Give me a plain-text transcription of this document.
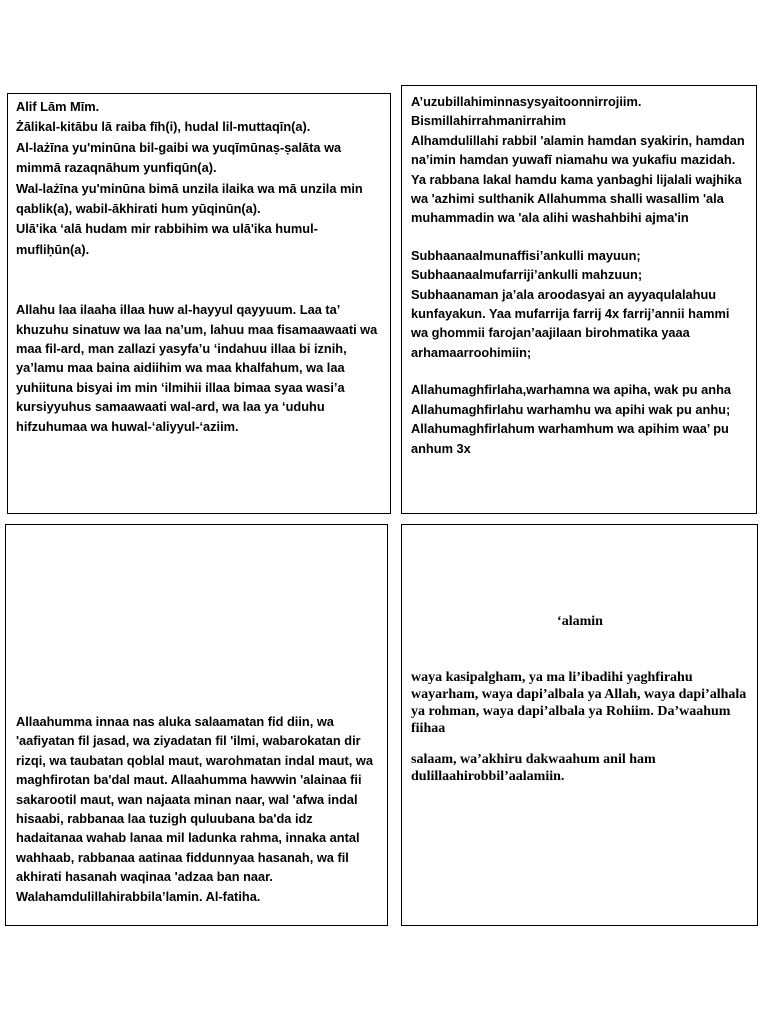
Alif Lām Mīm.
Żālikal-kitābu lā raiba fīh(i), hudal lil-muttaqīn(a).
Al-lażīna yu'minūna bil-gaibi wa yuqīmūnaṣ-ṣalāta wa mimmā razaqnāhum yunfiqūn(a).
Wal-lażīna yu'minūna bimā unzila ilaika wa mā unzila min qablik(a), wabil-ākhirati hum yūqinūn(a).
Ulā'ika ‘alā hudam mir rabbihim wa ulā'ika humul-mufliḥūn(a).

Allahu laa ilaaha illaa huw al-hayyul qayyuum. Laa ta’ khuzuhu sinatuw wa laa na’um, lahuu maa fisamaawaati wa maa fil-ard, man zallazi yasyfa’u ‘indahuu illaa bi iznih, ya’lamu maa baina aidiihim wa maa khalfahum, wa laa yuhiituna bisyai im min ‘ilmihii illaa bimaa syaa wasi’a kursiyyuhus samaawaati wal-ard, wa laa ya ‘uduhu hifzuhumaa wa huwal-‘aliyyul-‘aziim.

A’uzubillahiminnasysyaitoonnirrojiim.
Bismillahirrahmanirrahim
Alhamdulillahi rabbil 'alamin hamdan syakirin, hamdan na’imin hamdan yuwafī niamahu wa yukafiu mazidah.
Ya rabbana lakal hamdu kama yanbaghi lijalali wajhika wa 'azhimi sulthanik Allahumma shalli wasallim 'ala muhammadin wa 'ala alihi washahbihi ajma'in

Subhaanaalmunaffisi’ankulli mayuun;
Subhaanaalmufarriji’ankulli mahzuun;
Subhaanaman ja’ala aroodasyai an ayyaqulalahuu kunfayakun. Yaa mufarrija farrij 4x farrij’annii hammi wa ghommii farojan’aajilaan birohmatika yaaa arhamaarroohimiin;

Allahumaghfirlaha,warhamna wa apiha, wak pu anha
Allahumaghfirlahu warhamhu wa apihi wak pu anhu;
Allahumaghfirlahum warhamhum wa apihim waa’ pu anhum 3x

Allaahumma innaa nas aluka salaamatan fid diin, wa 'aafiyatan fil jasad, wa ziyadatan fil 'ilmi, wabarokatan dir rizqi, wa taubatan qoblal maut, warohmatan indal maut, wa maghfirotan ba'dal maut. Allaahumma hawwin 'alainaa fii sakarootil maut, wan najaata minan naar, wal 'afwa indal hisaabi, rabbanaa laa tuzigh quluubana ba'da idz hadaitanaa wahab lanaa mil ladunka rahma, innaka antal wahhaab, rabbanaa aatinaa fiddunnyaa hasanah, wa fil akhirati hasanah waqinaa 'adzaa ban naar.
Walahamdulillahirabbila’lamin. Al-fatiha.

‘alamin

waya kasipalgham, ya ma li’ibadihi yaghfirahu wayarham, waya dapi’albala ya Allah, waya dapi’alhala ya rohman, waya dapi’albala ya Rohiim. Da’waahum fiihaa

salaam, wa’akhiru dakwaahum anil ham dulillaahirobbil’aalamiin.
